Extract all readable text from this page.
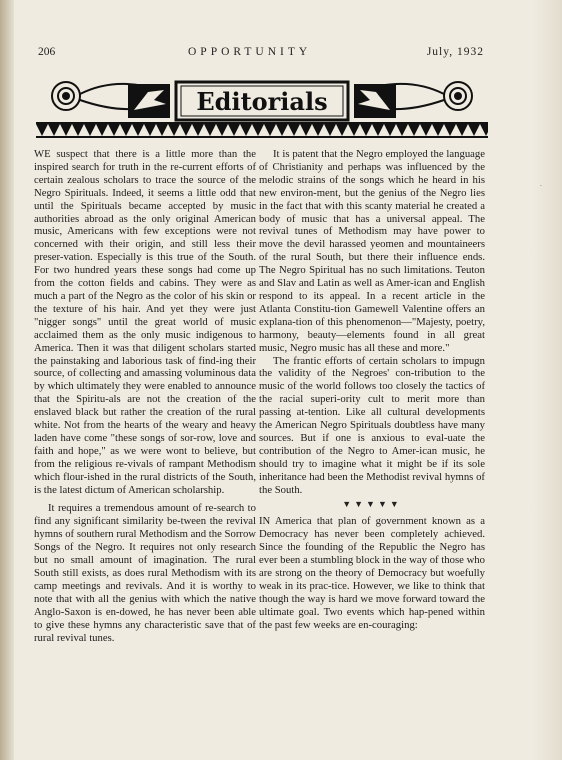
206	OPPORTUNITY	July, 1932
Editorials

WE suspect that there is a little more than the inspired search for truth in the re-current efforts of certain zealous scholars to trace the source of the Negro Spirituals. Indeed, it seems a little odd that until the Spirituals became accepted by music authorities abroad as the only original American music, Americans with few exceptions were not concerned with their origin, and still less their preser-vation. Especially is this true of the South. For two hundred years these songs had come up from the cotton fields and cabins. They were as much a part of the Negro as the color of his skin or the texture of his hair. And yet they were just "nigger songs" until the great world of music acclaimed them as the only music indigenous to America. Then it was that diligent scholars started the painstaking and laborious task of find-ing their source, of collecting and amassing voluminous data by which ultimately they were enabled to announce that the Spiritu-als are not the creation of the enslaved black but rather the creation of the rural white. Not from the hearts of the weary and heavy laden have come "these songs of sor-row, love and faith and hope," as we were wont to believe, but from the religious re-vivals of rampant Methodism which flour-ished in the rural districts of the South, is the latest dictum of American scholarship.

It requires a tremendous amount of re-search to find any significant similarity be-tween the revival hymns of southern rural Methodism and the Sorrow Songs of the Negro. It requires not only research but no small amount of imagination. The rural South still exists, as does rural Methodism with its camp meetings and revivals. And it is worthy to note that with all the genius with which the native Anglo-Saxon is en-dowed, he has never been able to give these hymns any characteristic save that of rural revival tunes.

It is patent that the Negro employed the language of Christianity and perhaps was influenced by the melodic strains of the songs which he heard in his new environ-ment, but the genius of the Negro lies in the fact that with this scanty material he created a body of music that has a universal appeal. The revival tunes of Methodism may have power to move the devil harassed yeomen and mountaineers of the rural South, but there their influence ends. The Negro Spiritual has no such limitations. Teuton and Slav and Latin as well as Amer-ican and English respond to its appeal. In a recent article in the Atlanta Constitu-tion Gamewell Valentine offers an explana-tion of this phenomenon—"Majesty, poetry, harmony, beauty—elements found in all great music, Negro music has all these and more."

The frantic efforts of certain scholars to impugn the validity of the Negroes' con-tribution to the music of the world follows too closely the tactics of the racial superi-ority cult to merit more than passing at-tention. Like all cultural developments the American Negro Spirituals doubtless have many sources. But if one is anxious to eval-uate the contribution of the Negro to Amer-ican music, he should try to imagine what it might be if its sole inheritance had been the Methodist revival hymns of the South.

▼▼▼▼▼

IN America that plan of government known as a Democracy has never been completely achieved. Since the founding of the Republic the Negro has ever been a stumbling block in the way of those who are strong on the theory of Democracy but woefully weak in its prac-tice. However, we like to think that though the way is hard we move forward toward the ultimate goal. Two events which hap-pened within the past few weeks are en-couraging:

.
